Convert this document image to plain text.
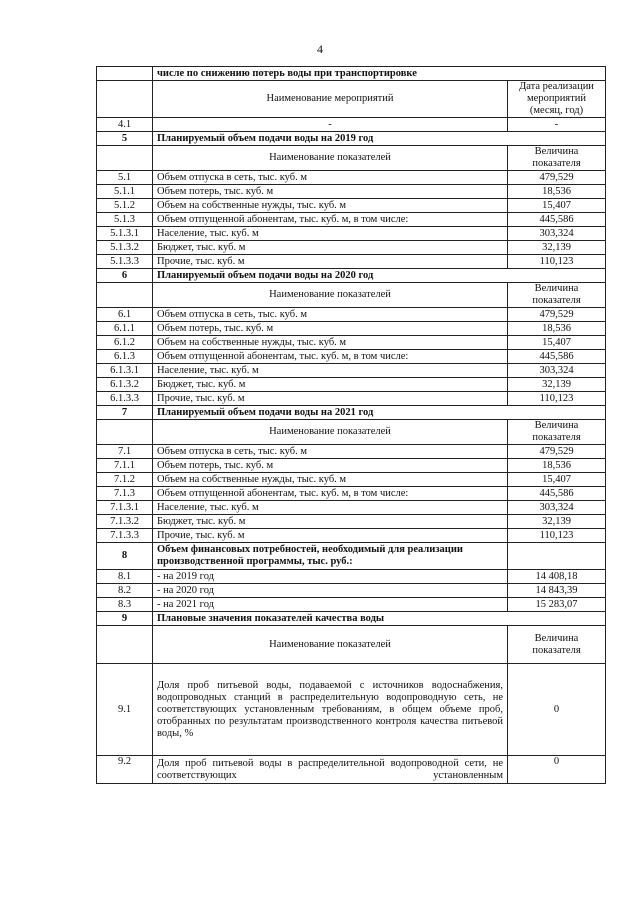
4
	числе по снижению потерь воды при транспортировке	
	Наименование мероприятий	Дата реализации мероприятий (месяц, год)
4.1	-	-
5	Планируемый объем подачи воды на 2019 год	
	Наименование показателей	Величина показателя
5.1	Объем отпуска в сеть, тыс. куб. м	479,529
5.1.1	Объем потерь, тыс. куб. м	18,536
5.1.2	Объем на собственные нужды, тыс. куб. м	15,407
5.1.3	Объем отпущенной абонентам, тыс. куб. м, в том числе:	445,586
5.1.3.1	Население, тыс. куб. м	303,324
5.1.3.2	Бюджет, тыс. куб. м	32,139
5.1.3.3	Прочие, тыс. куб. м	110,123
6	Планируемый объем подачи воды на 2020 год	
	Наименование показателей	Величина показателя
6.1	Объем отпуска в сеть, тыс. куб. м	479,529
6.1.1	Объем потерь, тыс. куб. м	18,536
6.1.2	Объем на собственные нужды, тыс. куб. м	15,407
6.1.3	Объем отпущенной абонентам, тыс. куб. м, в том числе:	445,586
6.1.3.1	Население, тыс. куб. м	303,324
6.1.3.2	Бюджет, тыс. куб. м	32,139
6.1.3.3	Прочие, тыс. куб. м	110,123
7	Планируемый объем подачи воды на 2021 год	
	Наименование показателей	Величина показателя
7.1	Объем отпуска в сеть, тыс. куб. м	479,529
7.1.1	Объем потерь, тыс. куб. м	18,536
7.1.2	Объем на собственные нужды, тыс. куб. м	15,407
7.1.3	Объем отпущенной абонентам, тыс. куб. м, в том числе:	445,586
7.1.3.1	Население, тыс. куб. м	303,324
7.1.3.2	Бюджет, тыс. куб. м	32,139
7.1.3.3	Прочие, тыс. куб. м	110,123
8	Объем финансовых потребностей, необходимый для реализации производственной программы, тыс. руб.:	
8.1	- на 2019 год	14 408,18
8.2	- на 2020 год	14 843,39
8.3	- на 2021 год	15 283,07
9	Плановые значения показателей качества воды	
	Наименование показателей	Величина показателя
9.1	Доля проб питьевой воды, подаваемой с источников водоснабжения, водопроводных станций в распределительную водопроводную сеть, не соответствующих установленным требованиям, в общем объеме проб, отобранных по результатам производственного контроля качества питьевой воды, %	0
9.2	Доля проб питьевой воды в распределительной водопроводной сети, не соответствующих установленным	0
